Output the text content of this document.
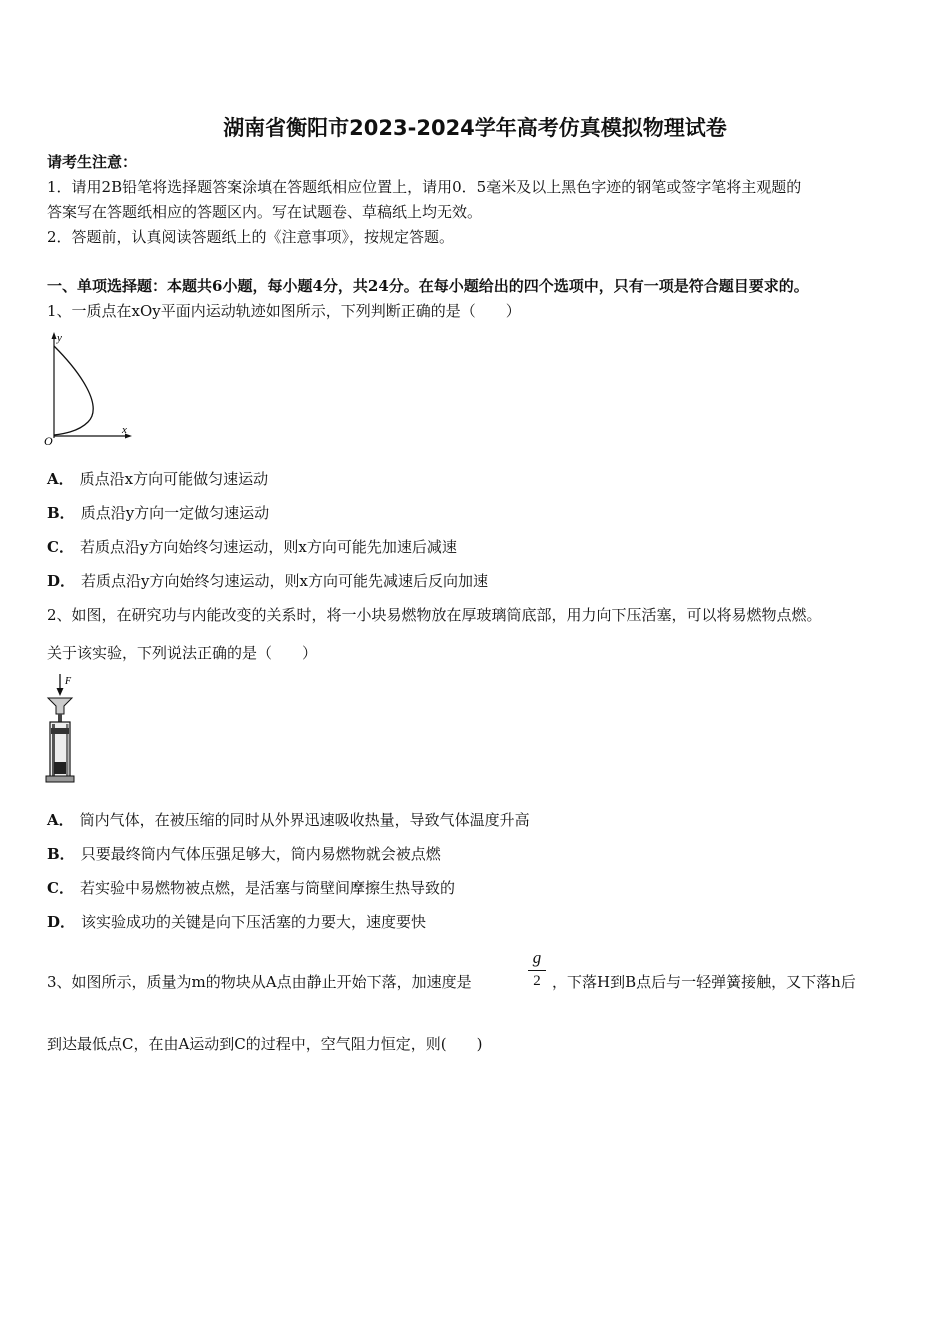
湖南省衡阳市2023-2024学年高考仿真模拟物理试卷
请考生注意：
1．请用2B铅笔将选择题答案涂填在答题纸相应位置上，请用0．5毫米及以上黑色字迹的钢笔或签字笔将主观题的
答案写在答题纸相应的答题区内。写在试题卷、草稿纸上均无效。
2．答题前，认真阅读答题纸上的《注意事项》，按规定答题。
一、单项选择题：本题共6小题，每小题4分，共24分。在每小题给出的四个选项中，只有一项是符合题目要求的。
1、一质点在xOy平面内运动轨迹如图所示，下列判断正确的是（　　）
y
x
O
A． 质点沿x方向可能做匀速运动
B． 质点沿y方向一定做匀速运动
C． 若质点沿y方向始终匀速运动，则x方向可能先加速后减速
D． 若质点沿y方向始终匀速运动，则x方向可能先减速后反向加速
2、如图，在研究功与内能改变的关系时，将一小块易燃物放在厚玻璃筒底部，用力向下压活塞，可以将易燃物点燃。
关于该实验，下列说法正确的是（　　）
F
A． 筒内气体，在被压缩的同时从外界迅速吸收热量，导致气体温度升高
B． 只要最终筒内气体压强足够大，筒内易燃物就会被点燃
C． 若实验中易燃物被点燃，是活塞与筒壁间摩擦生热导致的
D． 该实验成功的关键是向下压活塞的力要大，速度要快
3、如图所示，质量为m的物块从A点由静止开始下落，加速度是
g
2 ，下落H到B点后与一轻弹簧接触，又下落h后
到达最低点C，在由A运动到C的过程中，空气阻力恒定，则(　　)
